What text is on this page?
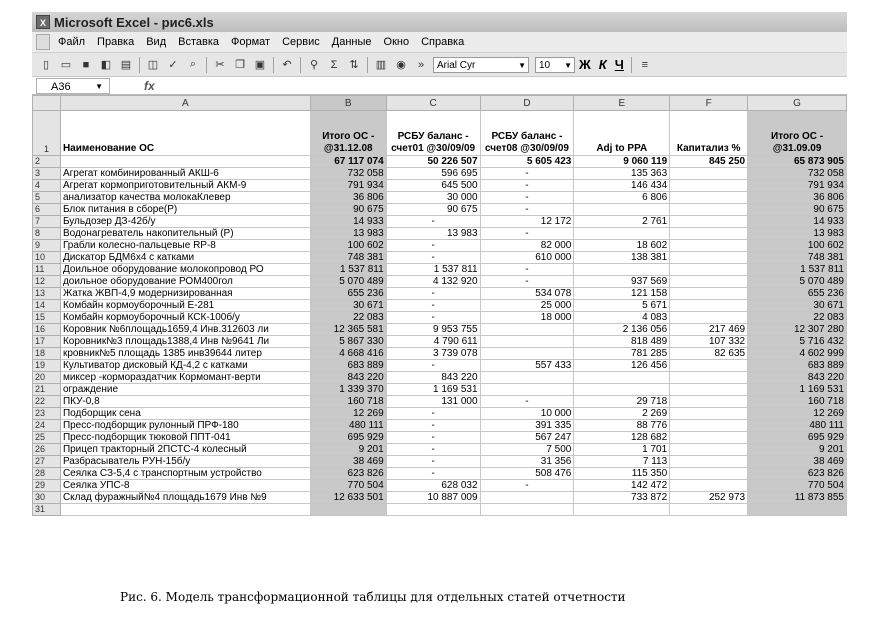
X Microsoft Excel - рис6.xls
Файл	Правка	Вид	Вставка	Формат	Сервис	Данные	Окно	Справка
▯	▭	■	◧ ▤ ◫ ✓	⌕	✂ ❐ ▣	↶	⚲	Σ	⇅	▥ ◉	»	Arial Cyr	▼	10 ▼ Ж К Ч	≡
A36	▼	fx
	A	B	C	D	E	F	G
1	Наименование ОС	Итого ОС - @31.12.08	РСБУ баланс - счет01 @30/09/09	РСБУ баланс - счет08 @30/09/09	Adj to PPA	Капитализ %	Итого ОС - @31.09.09
2		67 117 074	50 226 507	5 605 423	9 060 119	845 250	65 873 905
3	Агрегат комбинированный АКШ-6	732 058	596 695	-	135 363		732 058
4	Агрегат кормоприготовительный АКМ-9	791 934	645 500	-	146 434		791 934
5	анализатор качества молокаКлевер	36 806	30 000	-	6 806		36 806
6	Блок питания в сборе(Р)	90 675	90 675	-			90 675
7	Бульдозер ДЗ-42б/у	14 933	-	12 172	2 761		14 933
8	Водонагреватель накопительный (Р)	13 983	13 983	-			13 983
9	Грабли колесно-пальцевые RP-8	100 602	-	82 000	18 602		100 602
10	Дискатор БДМ6х4 с катками	748 381	-	610 000	138 381		748 381
11	Доильное оборудование молокопровод РО	1 537 811	1 537 811	-			1 537 811
12	доильное оборудование РОМ400гол	5 070 489	4 132 920	-	937 569		5 070 489
13	Жатка ЖВП-4,9 модернизированная	655 236	-	534 078	121 158		655 236
14	Комбайн кормоуборочный Е-281	30 671	-	25 000	5 671		30 671
15	Комбайн кормоуборочный КСК-100б/у	22 083	-	18 000	4 083		22 083
16	Коровник №6площадь1659,4 Инв.312603 ли	12 365 581	9 953 755		2 136 056	217 469	12 307 280
17	Коровник№3 площадь1388,4 Инв №9641 Ли	5 867 330	4 790 611		818 489	107 332	5 716 432
18	кровник№5 площадь 1385 инв39644 литер	4 668 416	3 739 078		781 285	82 635	4 602 999
19	Культиватор дисковый КД-4,2 с катками	683 889	-	557 433	126 456		683 889
20	миксер -кормораздатчик Кормомант-верти	843 220	843 220				843 220
21	ограждение	1 339 370	1 169 531				1 169 531
22	ПКУ-0,8	160 718	131 000	-	29 718		160 718
23	Подборщик сена	12 269	-	10 000	2 269		12 269
24	Пресс-подборщик рулонный ПРФ-180	480 111	-	391 335	88 776		480 111
25	Пресс-подборщик тюковой ППТ-041	695 929	-	567 247	128 682		695 929
26	Прицеп тракторный 2ПСТС-4 колесный	9 201	-	7 500	1 701		9 201
27	Разбрасыватель РУН-15б/у	38 469	-	31 356	7 113		38 469
28	Сеялка СЗ-5,4 с транспортным устройство	623 826	-	508 476	115 350		623 826
29	Сеялка УПС-8	770 504	628 032	-	142 472		770 504
30	Склад фуражный№4 площадь1679 Инв №9	12 633 501	10 887 009		733 872	252 973	11 873 855
31							
Рис. 6. Модель трансформационной таблицы для отдельных статей отчетности
